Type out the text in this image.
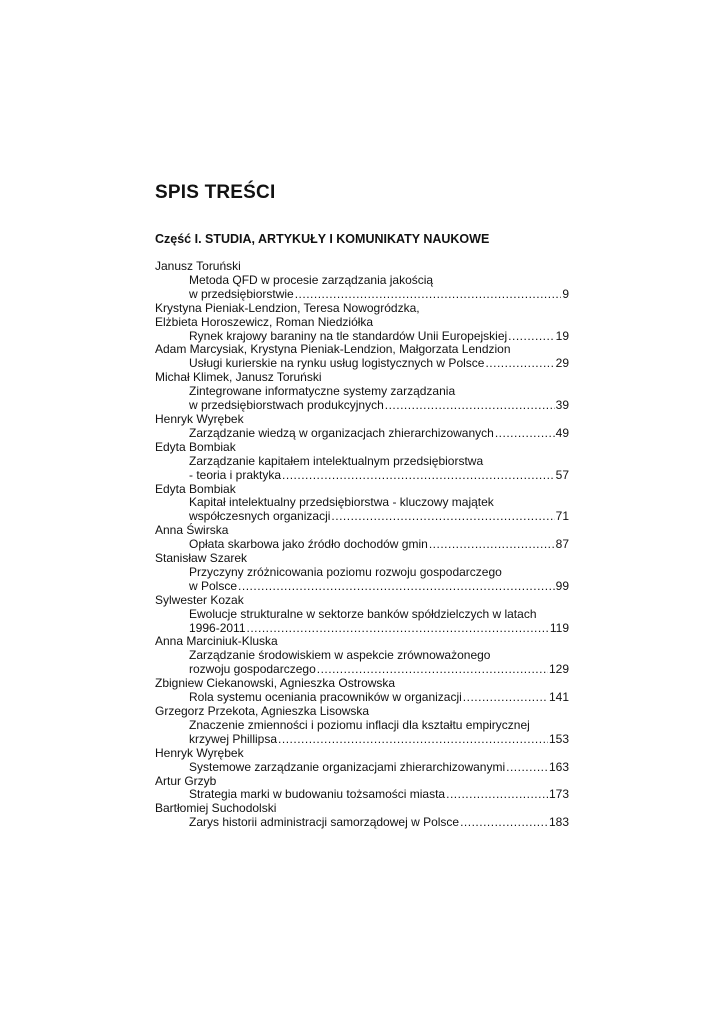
SPIS TREŚCI
Część I. STUDIA, ARTYKUŁY I KOMUNIKATY NAUKOWE
Janusz Toruński
Metoda QFD w procesie zarządzania jakością
w przedsiębiorstwie .....	9
Krystyna Pieniak-Lendzion, Teresa Nowogródzka,
Elżbieta Horoszewicz, Roman Niedziółka
Rynek krajowy baraniny na tle standardów Unii Europejskiej .....	19
Adam Marcysiak, Krystyna Pieniak-Lendzion, Małgorzata Lendzion
Usługi kurierskie na rynku usług logistycznych w Polsce .....	29
Michał Klimek, Janusz Toruński
Zintegrowane informatyczne systemy zarządzania
w przedsiębiorstwach produkcyjnych .....	39
Henryk Wyrębek
Zarządzanie wiedzą w organizacjach zhierarchizowanych .....	49
Edyta Bombiak
Zarządzanie kapitałem intelektualnym przedsiębiorstwa
- teoria i praktyka .....	57
Edyta Bombiak
Kapitał intelektualny przedsiębiorstwa - kluczowy majątek
współczesnych organizacji .....	71
Anna Świrska
Opłata skarbowa jako źródło dochodów gmin .....	87
Stanisław Szarek
Przyczyny zróżnicowania poziomu rozwoju gospodarczego
w Polsce .....	99
Sylwester Kozak
Ewolucje strukturalne w sektorze banków spółdzielczych w latach
1996-2011 .....	119
Anna Marciniuk-Kluska
Zarządzanie środowiskiem w aspekcie zrównoważonego
rozwoju gospodarczego .....	129
Zbigniew Ciekanowski, Agnieszka Ostrowska
Rola systemu oceniania pracowników w organizacji .....	141
Grzegorz Przekota, Agnieszka Lisowska
Znaczenie zmienności i poziomu inflacji dla kształtu empirycznej
krzywej Phillipsa .....	153
Henryk Wyrębek
Systemowe zarządzanie organizacjami zhierarchizowanymi .....	163
Artur Grzyb
Strategia marki w budowaniu tożsamości miasta .....	173
Bartłomiej Suchodolski
Zarys historii administracji samorządowej w Polsce .....	183
